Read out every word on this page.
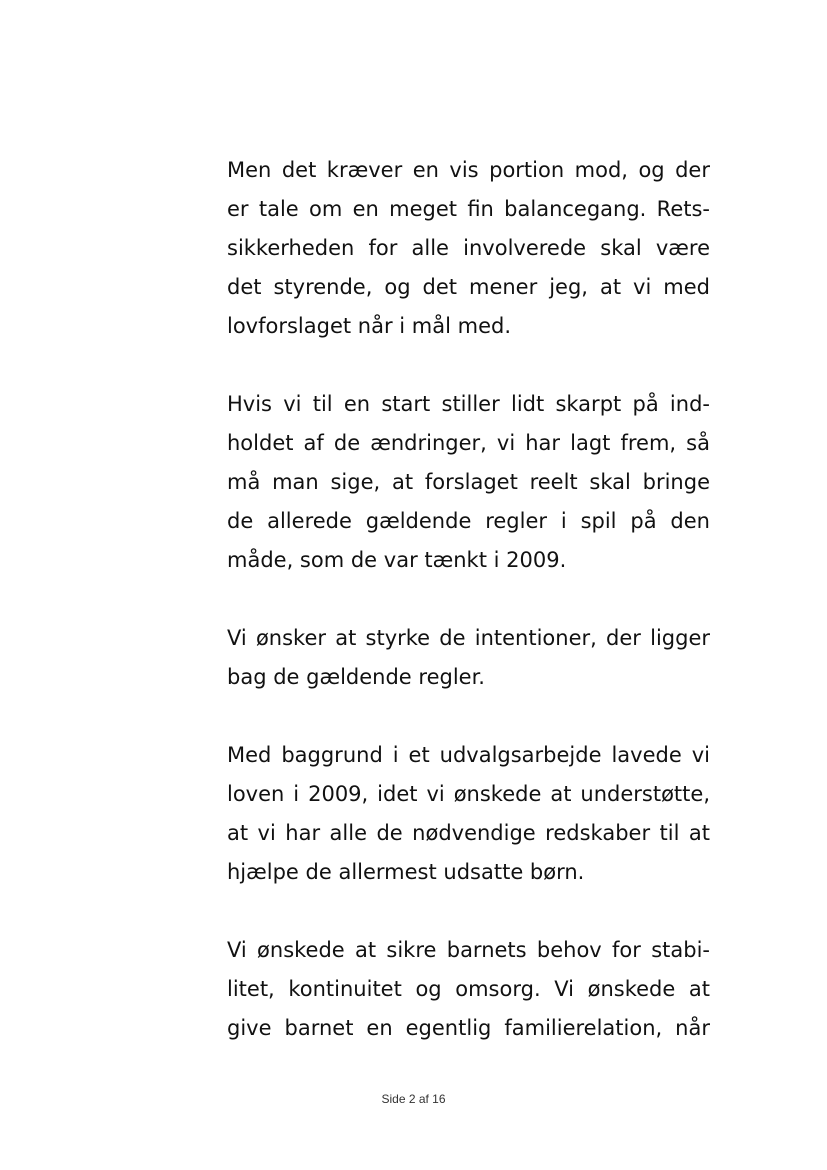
Men det kræver en vis portion mod, og der
er tale om en meget fin balancegang. Rets-
sikkerheden for alle involverede skal være
det styrende, og det mener jeg, at vi med
lovforslaget når i mål med.

Hvis vi til en start stiller lidt skarpt på ind-
holdet af de ændringer, vi har lagt frem, så
må man sige, at forslaget reelt skal bringe
de allerede gældende regler i spil på den
måde, som de var tænkt i 2009.

Vi ønsker at styrke de intentioner, der ligger
bag de gældende regler.

Med baggrund i et udvalgsarbejde lavede vi
loven i 2009, idet vi ønskede at understøtte,
at vi har alle de nødvendige redskaber til at
hjælpe de allermest udsatte børn.

Vi ønskede at sikre barnets behov for stabi-
litet, kontinuitet og omsorg. Vi ønskede at
give barnet en egentlig familierelation, når

Side 2 af 16
